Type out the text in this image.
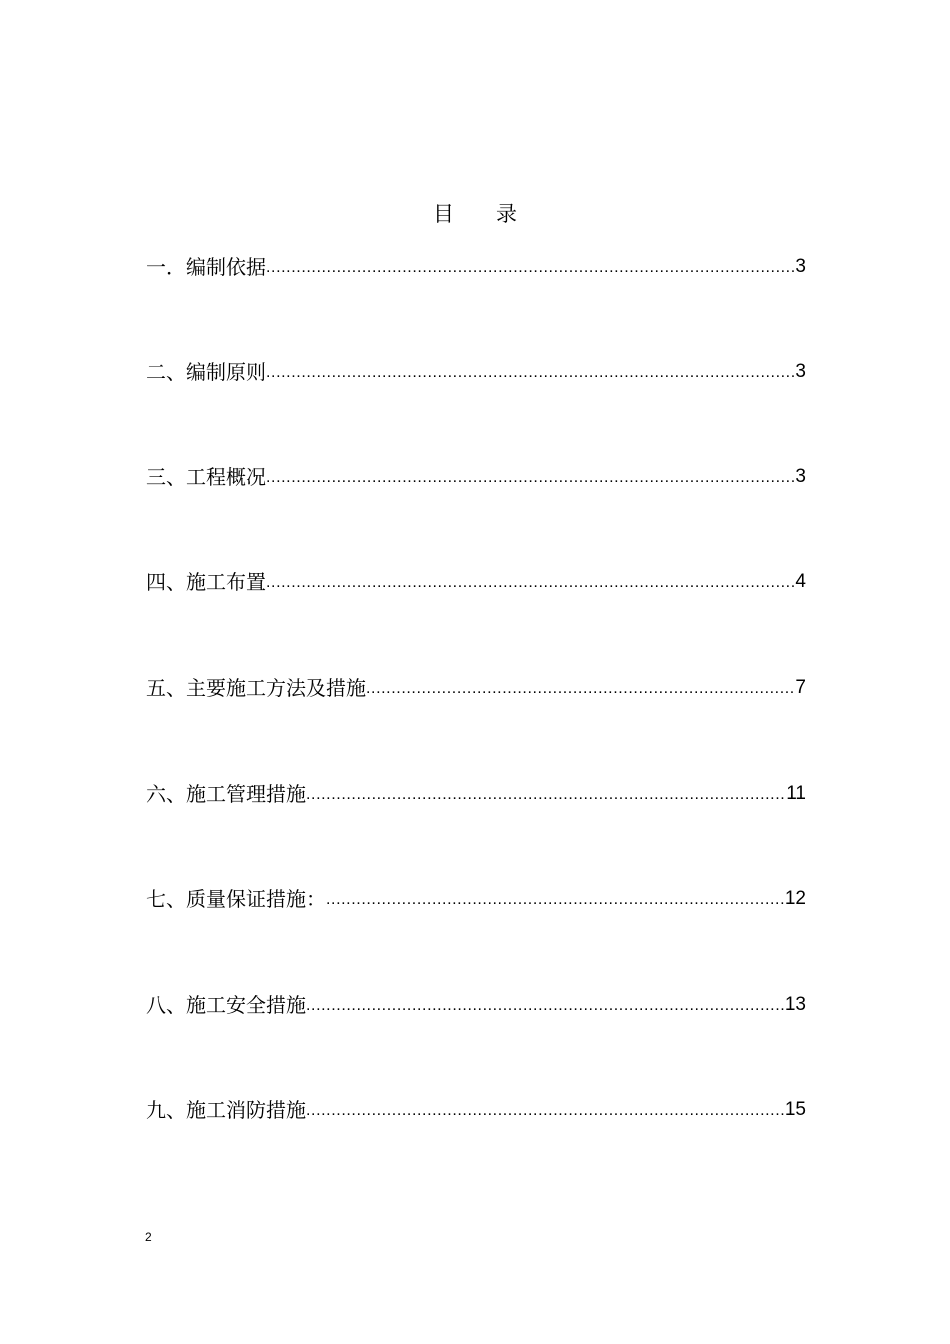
目 录
一．编制依据 .....	3
二、编制原则 .....	3
三、工程概况 .....	3
四、施工布置 .....	4
五、主要施工方法及措施 .....	7
六、施工管理措施 .....	11
七、质量保证措施： .....	12
八、施工安全措施 .....	13
九、施工消防措施 .....	15
2
